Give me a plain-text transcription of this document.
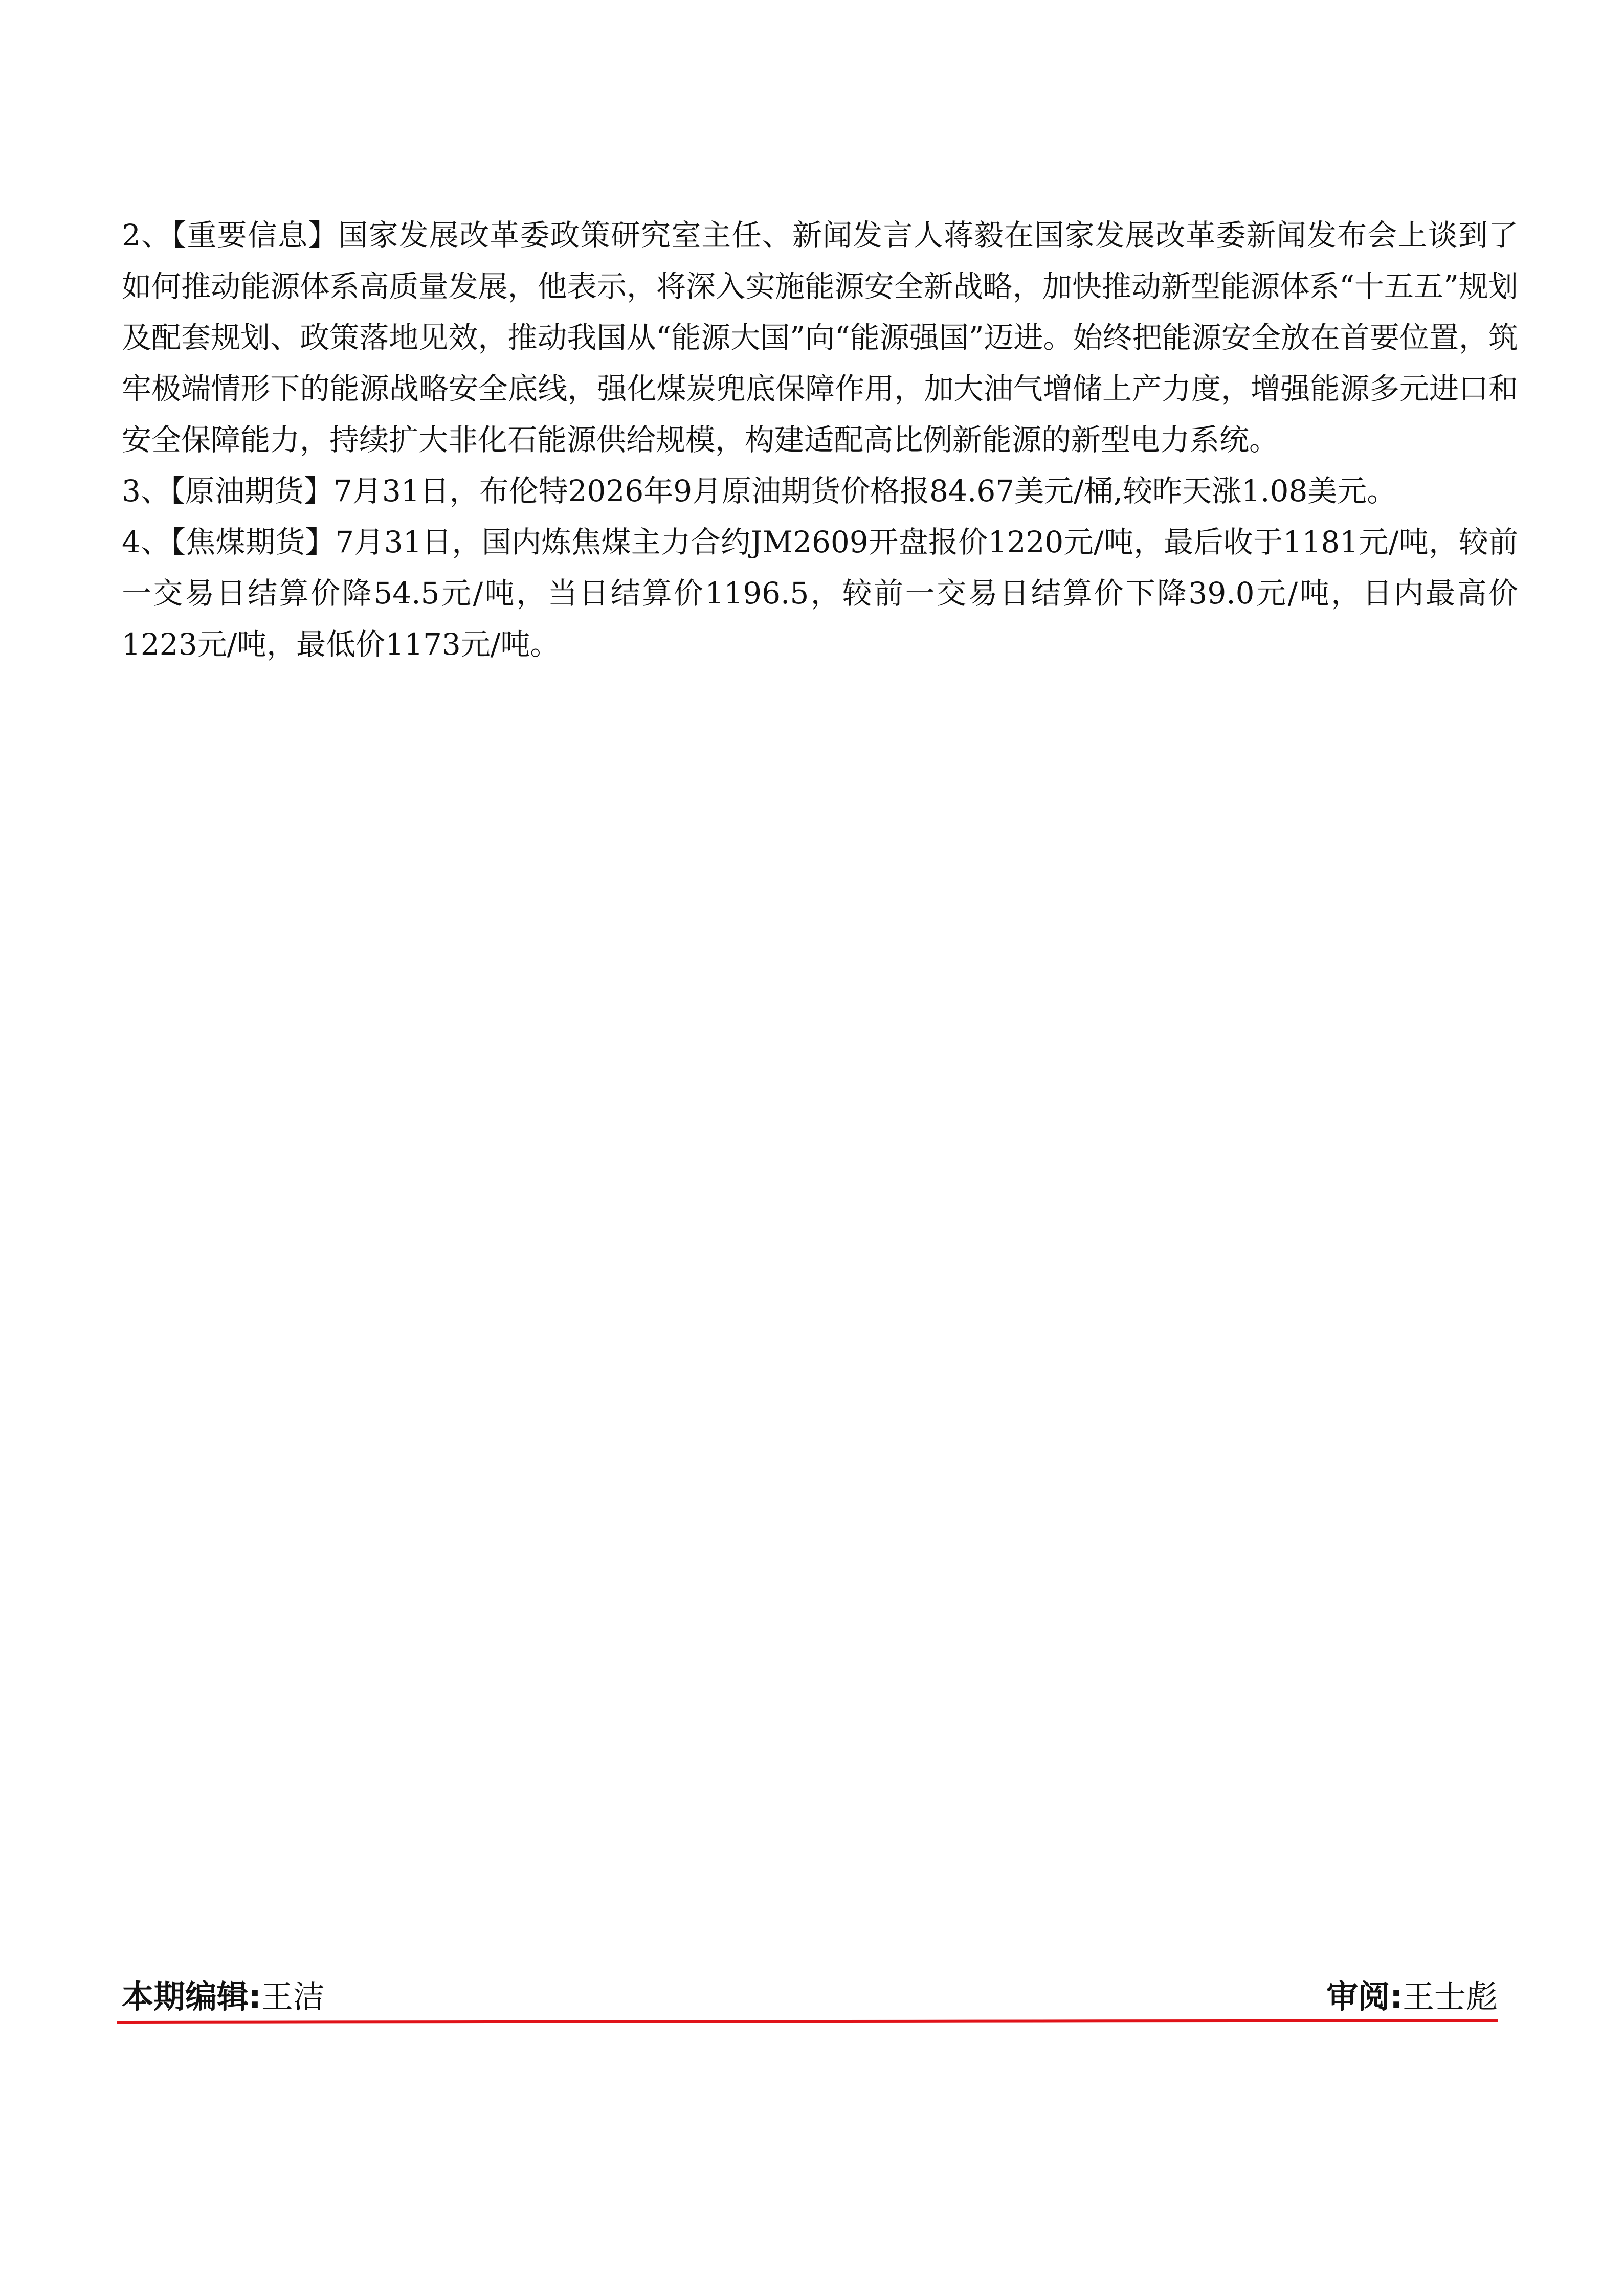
2、【重要信息】国家发展改革委政策研究室主任、新闻发言人蒋毅在国家发展改革委新闻发布会上谈到了如何推动能源体系高质量发展，他表示，将深入实施能源安全新战略，加快推动新型能源体系“十五五”规划及配套规划、政策落地见效，推动我国从“能源大国”向“能源强国”迈进。始终把能源安全放在首要位置，筑牢极端情形下的能源战略安全底线，强化煤炭兜底保障作用，加大油气增储上产力度，增强能源多元进口和安全保障能力，持续扩大非化石能源供给规模，构建适配高比例新能源的新型电力系统。

3、【原油期货】7月31日，布伦特2026年9月原油期货价格报84.67美元/桶,较昨天涨1.08美元。

4、【焦煤期货】7月31日，国内炼焦煤主力合约JM2609开盘报价1220元/吨，最后收于1181元/吨，较前一交易日结算价降54.5元/吨，当日结算价1196.5，较前一交易日结算价下降39.0元/吨，日内最高价1223元/吨，最低价1173元/吨。

本期编辑:王洁	审阅:王士彪
